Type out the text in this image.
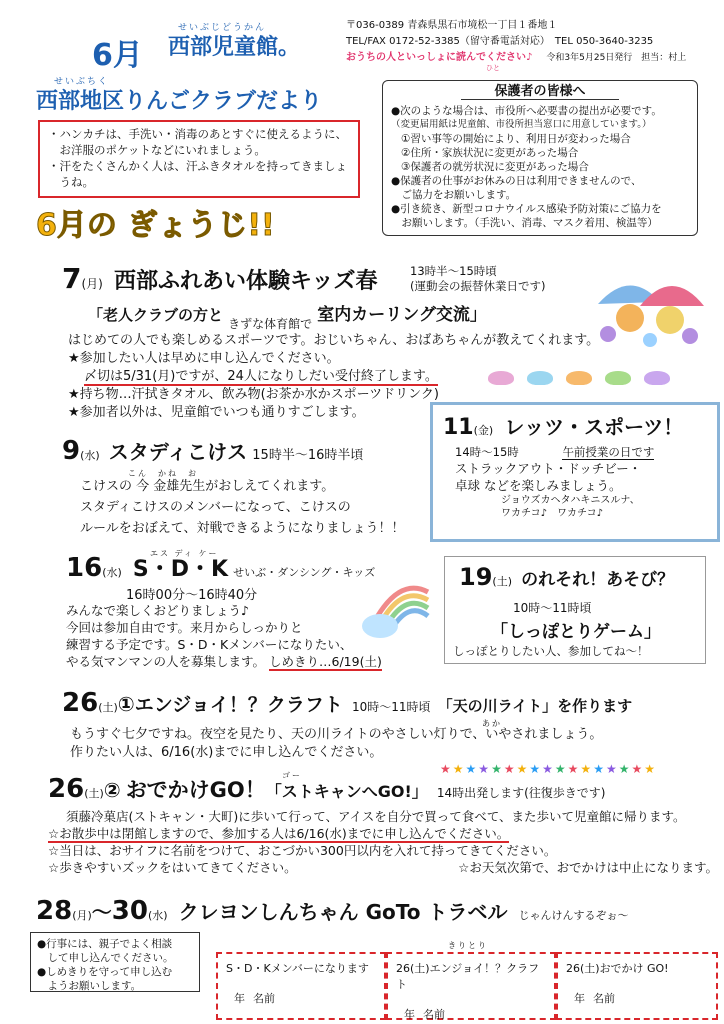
6月
せいぶじどうかん
西部児童館。
〒036-0389 青森県黒石市境松一丁目１番地１
TEL/FAX 0172-52-3385（留守番電話対応）　TEL 050-3640-3235
ひと
おうちの人といっしょに読んでください♪ 令和3年5月25日発行　担当：村上
せいぶちく
西部地区りんごクラブだより
・ハンカチは、手洗い・消毒のあとすぐに使えるように、
　お洋服のポケットなどにいれましょう。
・汗をたくさんかく人は、汗ふきタオルを持ってきましょ
　うね。
保護者の皆様へ
●次のような場合は、市役所へ必要書の提出が必要です。
（変更届用紙は児童館、市役所担当窓口に用意しています。）
①習い事等の開始により、利用日が変わった場合
②住所・家族状況に変更があった場合
③保護者の就労状況に変更があった場合
●保護者の仕事がお休みの日は利用できませんので、
　ご協力をお願いします。
●引き続き、新型コロナウイルス感染予防対策にご協力を
　お願いします。（手洗い、消毒、マスク着用、検温等）
6月の ぎょうじ!!
7(月) 西部ふれあい体験キッズ春	13時半～15時頃
(運動会の振替休業日です)
「老人クラブの方と $_{きずな体育館で}$ 室内カーリング交流」
はじめての人でも楽しめるスポーツです。おじいちゃん、おばあちゃんが教えてくれます。
★参加したい人は早めに申し込んでください。
〆切は5/31(月)ですが、24人になりしだい受付終了します。
★持ち物…汗拭きタオル、飲み物(お茶か水かスポーツドリンク)
★参加者以外は、児童館でいつも通りすごします。

11(金) レッツ・スポーツ！
14時～15時	午前授業の日です
ストラックアウト・ドッチビー・
卓球 などを楽しみましょう。
ジョウズカヘタハキニスルナ、
ワカチコ♪　ワカチコ♪
9(水) スタディこけス 15時半～16時半頃
こん　かね　お
こけスの 今 金雄先生がおしえてくれます。
スタディこけスのメンバーになって、こけスの
ルールをおぼえて、対戦できるようになりましょう！！
エス ディ ケー
16(水) S・D・K せいぶ・ダンシング・キッズ
16時00分～16時40分
みんなで楽しくおどりましょう♪
今回は参加自由です。来月からしっかりと
練習する予定です。S・D・Kメンバーになりたい、
やる気マンマンの人を募集します。 しめきり…6/19(土)
19(土) のれそれ！あそび？
10時～11時頃
「しっぽとりゲーム」
しっぽとりしたい人、参加してね～！
26(土)①エンジョイ！？クラフト 10時～11時頃 「天の川ライト」を作ります
あか
もうすぐ七夕ですね。夜空を見たり、天の川ライトのやさしい灯りで、いやされましょう。
作りたい人は、6/16(水)までに申し込んでください。
★ ★ ★ ★ ★ ★ ★ ★ ★ ★ ★ ★ ★ ★ ★ ★ ★
ゴー
26(土)② おでかけGO！「ストキャンへGO!」 14時出発します(往復歩きです)
須藤冷菓店(ストキャン・大町)に歩いて行って、アイスを自分で買って食べて、また歩いて児童館に帰ります。
☆お散歩中は閉館しますので、参加する人は6/16(水)までに申し込んでください。
☆当日は、おサイフに名前をつけて、おこづかい300円以内を入れて持ってきてください。
☆歩きやすいズックをはいてきてください。	☆お天気次第で、おでかけは中止になります。
28(月)～30(水) クレヨンしんちゃん GoTo トラベル じゃんけんするぞぉ～
●行事には、親子でよく相談
　して申し込んでください。
●しめきりを守って申し込む
　ようお願いします。
きりとり
S・D・Kメンバーになります
年 名前
26(土)エンジョイ！？クラフト
年 名前
26(土)おでかけ GO!
年 名前
